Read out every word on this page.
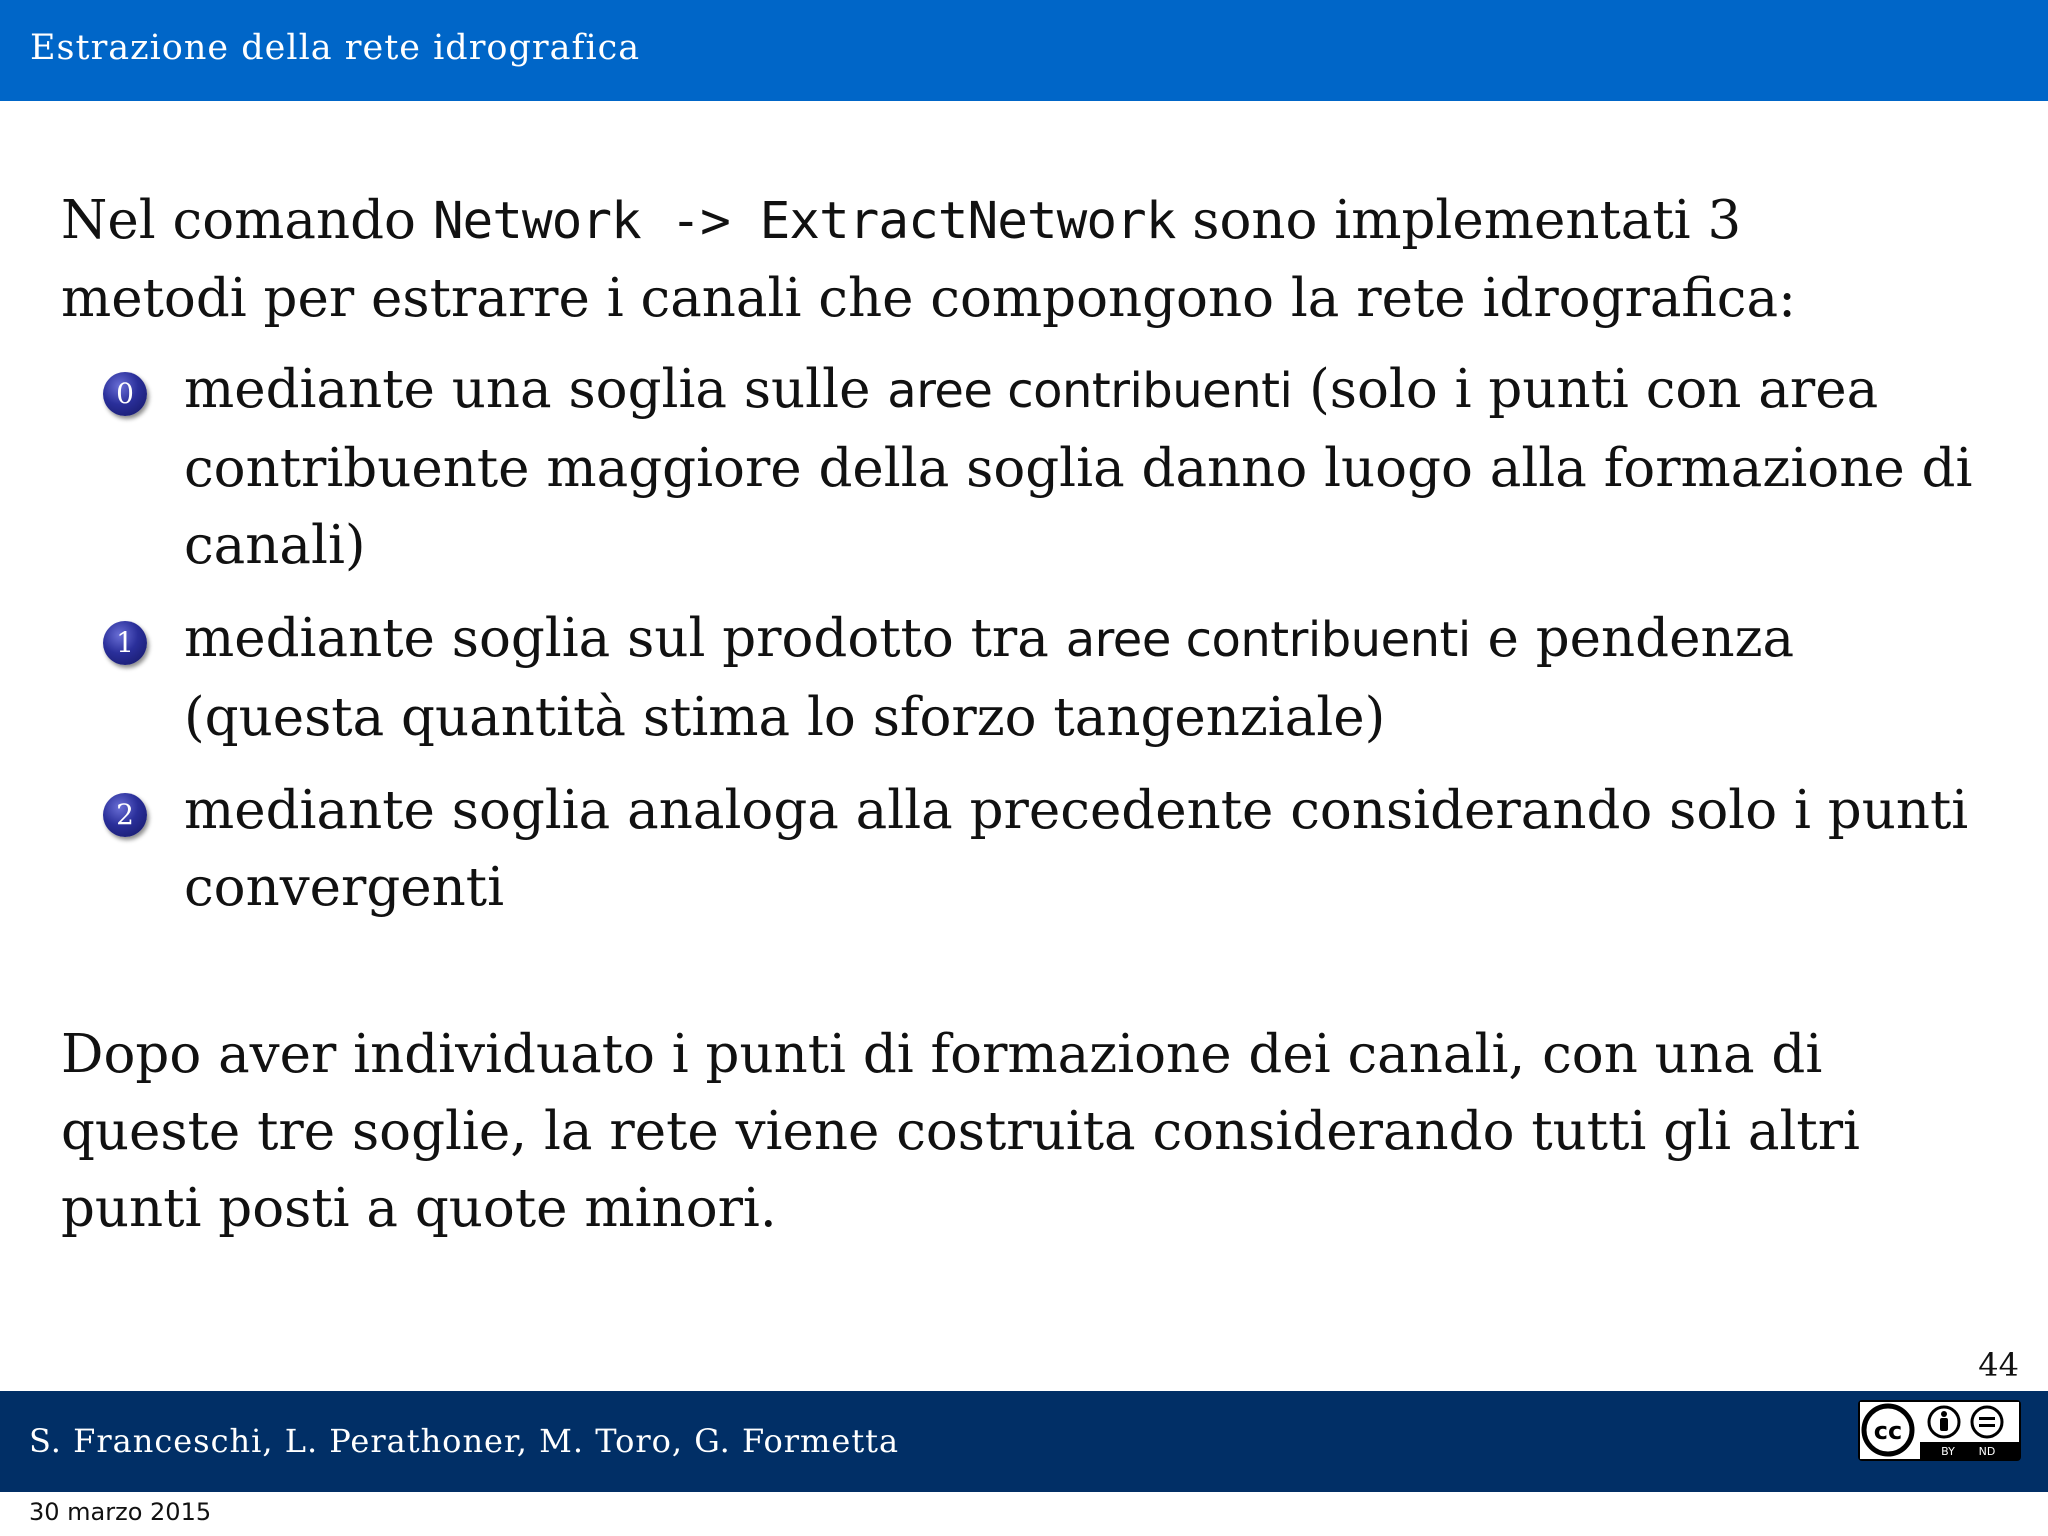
Estrazione della rete idrografica
Nel comando Network -> ExtractNetwork sono implementati 3
metodi per estrarre i canali che compongono la rete idrografica:
0 mediante una soglia sulle aree contribuenti (solo i punti con area
contribuente maggiore della soglia danno luogo alla formazione di
canali)
1 mediante soglia sul prodotto tra aree contribuenti e pendenza
(questa quantità stima lo sforzo tangenziale)
2 mediante soglia analoga alla precedente considerando solo i punti
convergenti
Dopo aver individuato i punti di formazione dei canali, con una di
queste tre soglie, la rete viene costruita considerando tutti gli altri
punti posti a quote minori.
44
S. Franceschi, L. Perathoner, M. Toro, G. Formetta	cc
BY ND
30 marzo 2015
